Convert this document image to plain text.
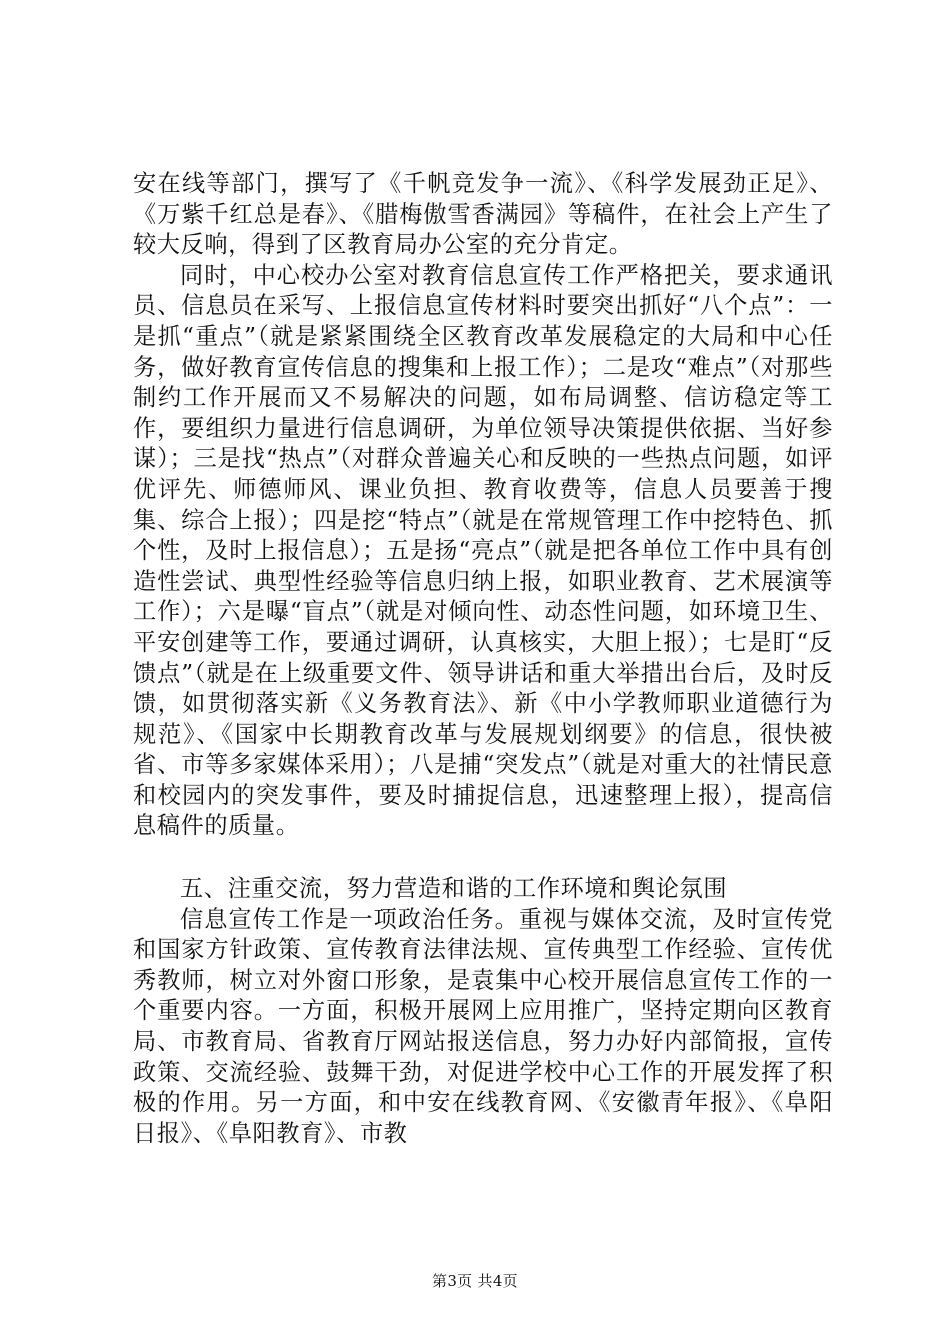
安在线等部门，撰写了《千帆竞发争一流》、《科学发展劲正足》、《万紫千红总是春》、《腊梅傲雪香满园》等稿件，在社会上产生了较大反响，得到了区教育局办公室的充分肯定。

同时，中心校办公室对教育信息宣传工作严格把关，要求通讯员、信息员在采写、上报信息宣传材料时要突出抓好“八个点”：一是抓“重点”（就是紧紧围绕全区教育改革发展稳定的大局和中心任务，做好教育宣传信息的搜集和上报工作）；二是攻“难点”（对那些制约工作开展而又不易解决的问题，如布局调整、信访稳定等工作，要组织力量进行信息调研，为单位领导决策提供依据、当好参谋）；三是找“热点”（对群众普遍关心和反映的一些热点问题，如评优评先、师德师风、课业负担、教育收费等，信息人员要善于搜集、综合上报）；四是挖“特点”（就是在常规管理工作中挖特色、抓个性，及时上报信息）；五是扬“亮点”（就是把各单位工作中具有创造性尝试、典型性经验等信息归纳上报，如职业教育、艺术展演等工作）；六是曝“盲点”（就是对倾向性、动态性问题，如环境卫生、平安创建等工作，要通过调研，认真核实，大胆上报）；七是盯“反馈点”（就是在上级重要文件、领导讲话和重大举措出台后，及时反馈，如贯彻落实新《义务教育法》、新《中小学教师职业道德行为规范》、《国家中长期教育改革与发展规划纲要》的信息，很快被省、市等多家媒体采用）；八是捕“突发点”（就是对重大的社情民意和校园内的突发事件，要及时捕捉信息，迅速整理上报），提高信息稿件的质量。

五、注重交流，努力营造和谐的工作环境和舆论氛围

信息宣传工作是一项政治任务。重视与媒体交流，及时宣传党和国家方针政策、宣传教育法律法规、宣传典型工作经验、宣传优秀教师，树立对外窗口形象，是袁集中心校开展信息宣传工作的一个重要内容。一方面，积极开展网上应用推广，坚持定期向区教育局、市教育局、省教育厅网站报送信息，努力办好内部简报，宣传政策、交流经验、鼓舞干劲，对促进学校中心工作的开展发挥了积极的作用。另一方面，和中安在线教育网、《安徽青年报》、《阜阳日报》、《阜阳教育》、市教

第3页 共4页
